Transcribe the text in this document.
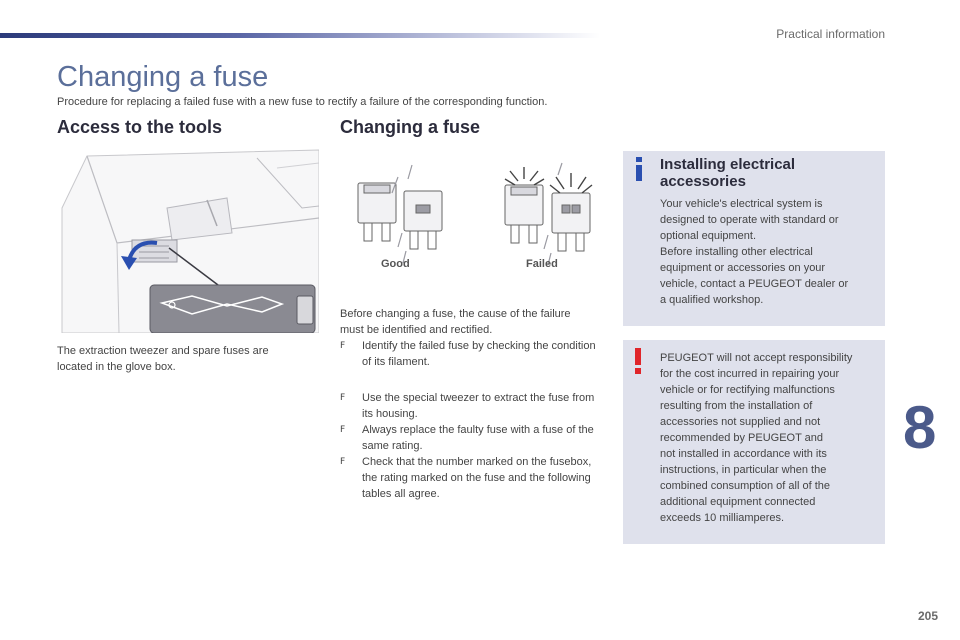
Practical information
Changing a fuse
Procedure for replacing a failed fuse with a new fuse to rectify a failure of the corresponding function.
Access to the tools
The extraction tweezer and spare fuses are
located in the glove box.
Changing a fuse
Good	Failed
Before changing a fuse, the cause of the failure
must be identified and rectified.
F	Identify the failed fuse by checking the condition of its filament.
F	Use the special tweezer to extract the fuse from its housing.
F	Always replace the faulty fuse with a fuse of the same rating.
F	Check that the number marked on the fusebox, the rating marked on the fuse and the following tables all agree.
Installing electrical
accessories
Your vehicle's electrical system is
designed to operate with standard or
optional equipment.
Before installing other electrical
equipment or accessories on your
vehicle, contact a PEUGEOT dealer or
a qualified workshop.
PEUGEOT will not accept responsibility
for the cost incurred in repairing your
vehicle or for rectifying malfunctions
resulting from the installation of
accessories not supplied and not
recommended by PEUGEOT and
not installed in accordance with its
instructions, in particular when the
combined consumption of all of the
additional equipment connected
exceeds 10 milliamperes.
8
205
